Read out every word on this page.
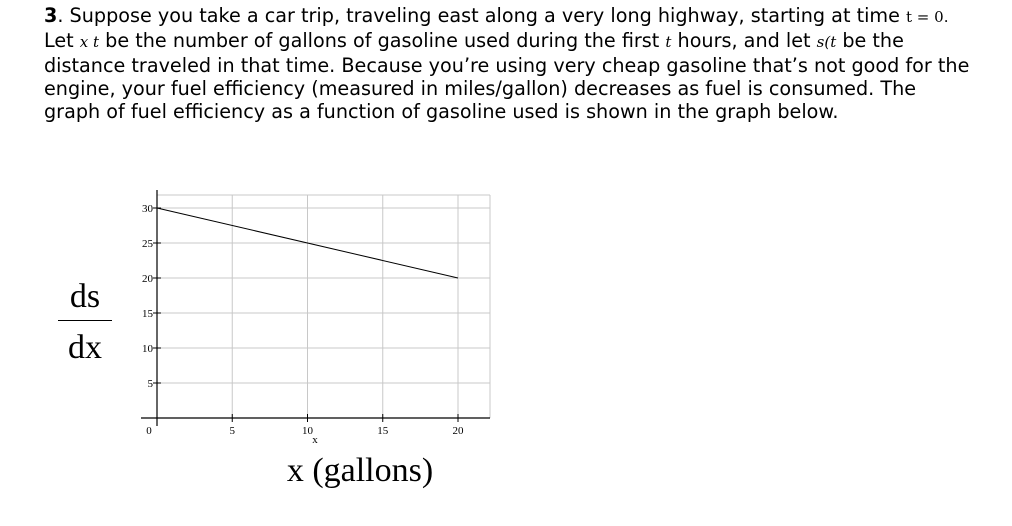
3. Suppose you take a car trip, traveling east along a very long highway, starting at time t = 0.

Let x t be the number of gallons of gasoline used during the first t hours, and let s(t be the

distance traveled in that time. Because you’re using very cheap gasoline that’s not good for the

engine, your fuel efficiency (measured in miles/gallon) decreases as fuel is consumed. The

graph of fuel efficiency as a function of gasoline used is shown in the graph below.

ds
dx
x (gallons)
5
10
15
20
25
30
0	5	10	15	20
x
